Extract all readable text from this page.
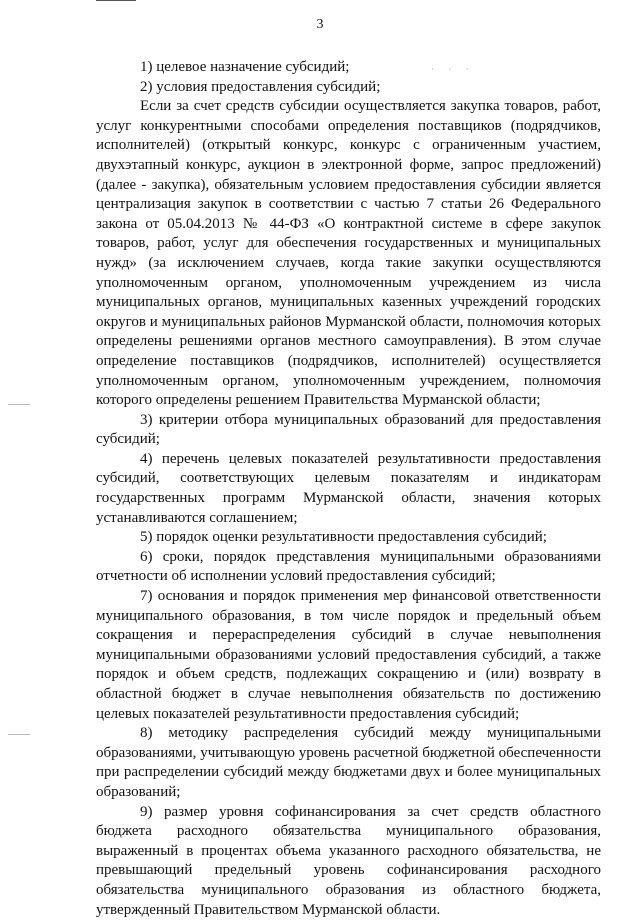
3
· · ·

1) целевое назначение субсидий;

2) условия предоставления субсидий;

Если за счет средств субсидии осуществляется закупка товаров, работ, услуг конкурентными способами определения поставщиков (подрядчиков, исполнителей) (открытый конкурс, конкурс с ограниченным участием, двухэтапный конкурс, аукцион в электронной форме, запрос предложений) (далее - закупка), обязательным условием предоставления субсидии является централизация закупок в соответствии с частью 7 статьи 26 Федерального закона от 05.04.2013 № 44-ФЗ «О контрактной системе в сфере закупок товаров, работ, услуг для обеспечения государственных и муниципальных нужд» (за исключением случаев, когда такие закупки осуществляются уполномоченным органом, уполномоченным учреждением из числа муниципальных органов, муниципальных казенных учреждений городских округов и муниципальных районов Мурманской области, полномочия которых определены решениями органов местного самоуправления). В этом случае определение поставщиков (подрядчиков, исполнителей) осуществляется уполномоченным органом, уполномоченным учреждением, полномочия которого определены решением Правительства Мурманской области;

3) критерии отбора муниципальных образований для предоставления субсидий;

4) перечень целевых показателей результативности предоставления субсидий, соответствующих целевым показателям и индикаторам государственных программ Мурманской области, значения которых устанавливаются соглашением;

5) порядок оценки результативности предоставления субсидий;

6) сроки, порядок представления муниципальными образованиями отчетности об исполнении условий предоставления субсидий;

7) основания и порядок применения мер финансовой ответственности муниципального образования, в том числе порядок и предельный объем сокращения и перераспределения субсидий в случае невыполнения муниципальными образованиями условий предоставления субсидий, а также порядок и объем средств, подлежащих сокращению и (или) возврату в областной бюджет в случае невыполнения обязательств по достижению целевых показателей результативности предоставления субсидий;

8) методику распределения субсидий между муниципальными образованиями, учитывающую уровень расчетной бюджетной обеспеченности при распределении субсидий между бюджетами двух и более муниципальных образований;

9) размер уровня софинансирования за счет средств областного бюджета расходного обязательства муниципального образования, выраженный в процентах объема указанного расходного обязательства, не превышающий предельный уровень софинансирования расходного обязательства муниципального образования из областного бюджета, утвержденный Правительством Мурманской области.
